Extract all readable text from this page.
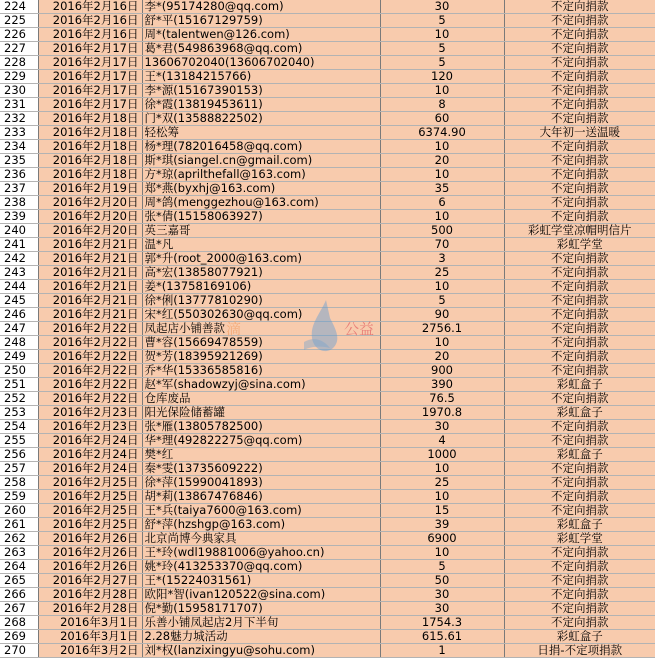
224	2016年2月16日	李*(95174280@qq.com)	30	不定向捐款
225	2016年2月16日	舒*平(15167129759)	5	不定向捐款
226	2016年2月16日	周*(talentwen@126.com)	10	不定向捐款
227	2016年2月17日	葛*君(549863968@qq.com)	5	不定向捐款
228	2016年2月17日	13606702040(13606702040)	5	不定向捐款
229	2016年2月17日	王*(13184215766)	120	不定向捐款
230	2016年2月17日	李*源(15167390153)	10	不定向捐款
231	2016年2月17日	徐*霞(13819453611)	8	不定向捐款
232	2016年2月18日	门*双(13588822502)	60	不定向捐款
233	2016年2月18日	轻松筹	6374.90	大年初一送温暖
234	2016年2月18日	杨*理(782016458@qq.com)	10	不定向捐款
235	2016年2月18日	斯*琪(siangel.cn@gmail.com)	20	不定向捐款
236	2016年2月18日	方*琼(aprilthefall@163.com)	10	不定向捐款
237	2016年2月19日	郑*燕(byxhj@163.com)	35	不定向捐款
238	2016年2月20日	周*鸽(menggezhou@163.com)	6	不定向捐款
239	2016年2月20日	张*倩(15158063927)	10	不定向捐款
240	2016年2月20日	英三嘉哥	500	彩虹学堂凉帽明信片
241	2016年2月21日	温*凡	70	彩虹学堂
242	2016年2月21日	郭*升(root_2000@163.com)	3	不定向捐款
243	2016年2月21日	高*宏(13858077921)	25	不定向捐款
244	2016年2月21日	姜*(13758169106)	10	不定向捐款
245	2016年2月21日	徐*俐(13777810290)	5	不定向捐款
246	2016年2月21日	宋*红(550302630@qq.com)	90	不定向捐款
247	2016年2月22日	凤起店小铺善款	2756.1	不定向捐款
248	2016年2月22日	曹*容(15669478559)	10	不定向捐款
249	2016年2月22日	贺*芳(18395921269)	20	不定向捐款
250	2016年2月22日	乔*华(15336585816)	900	不定向捐款
251	2016年2月22日	赵*军(shadowzyj@sina.com)	390	彩虹盒子
252	2016年2月22日	仓库废品	76.5	不定向捐款
253	2016年2月23日	阳光保险储蓄罐	1970.8	彩虹盒子
254	2016年2月23日	张*雁(13805782500)	30	不定向捐款
255	2016年2月24日	华*理(492822275@qq.com)	4	不定向捐款
256	2016年2月24日	樊*红	1000	彩虹盒子
257	2016年2月24日	秦*雯(13735609222)	10	不定向捐款
258	2016年2月25日	徐*萍(15990041893)	25	不定向捐款
259	2016年2月25日	胡*莉(13867476846)	10	不定向捐款
260	2016年2月25日	王*兵(taiya7600@163.com)	15	不定向捐款
261	2016年2月25日	舒*萍(hzshgp@163.com)	39	彩虹盒子
262	2016年2月26日	北京尚博今典家具	6900	彩虹学堂
263	2016年2月26日	王*玲(wdl19881006@yahoo.cn)	10	不定向捐款
264	2016年2月26日	姚*玲(413253370@qq.com)	5	不定向捐款
265	2016年2月27日	王*(15224031561)	50	不定向捐款
266	2016年2月28日	欧阳*智(ivan120522@sina.com)	30	不定向捐款
267	2016年2月28日	倪*勤(15958171707)	30	不定向捐款
268	2016年3月1日	乐善小铺凤起店2月下半旬	1754.3	不定向捐款
269	2016年3月1日	2.28魅力城活动	615.61	彩虹盒子
270	2016年3月2日	刘*权(lanzixingyu@sohu.com)	1	日捐-不定项捐款
滴	公益
